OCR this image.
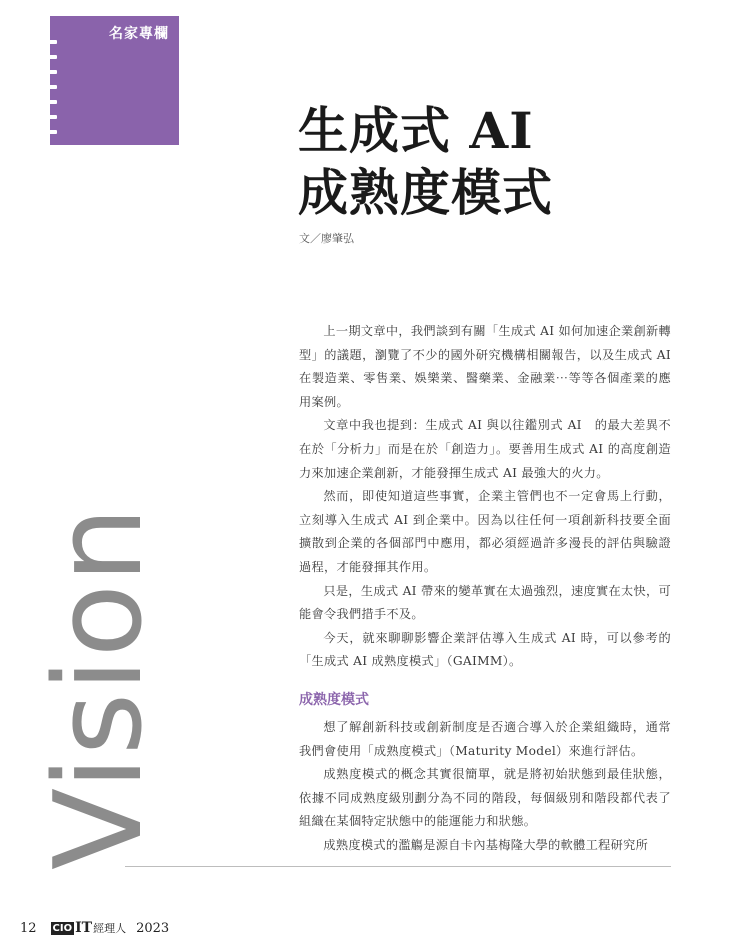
名家專欄
生成式 AI
成熟度模式
文／廖肇弘
Vision

上一期文章中，我們談到有關「生成式 AI 如何加速企業創新轉型」的議題，瀏覽了不少的國外研究機構相關報告，以及生成式 AI 在製造業、零售業、娛樂業、醫藥業、金融業⋯等等各個產業的應用案例。

文章中我也提到：生成式 AI 與以往鑑別式 AI　的最大差異不在於「分析力」而是在於「創造力」。要善用生成式 AI 的高度創造力來加速企業創新，才能發揮生成式 AI 最強大的火力。

然而，即使知道這些事實，企業主管們也不一定會馬上行動，立刻導入生成式 AI 到企業中。因為以往任何一項創新科技要全面擴散到企業的各個部門中應用，都必須經過許多漫長的評估與驗證過程，才能發揮其作用。

只是，生成式 AI 帶來的變革實在太過強烈，速度實在太快，可能會令我們措手不及。

今天，就來聊聊影響企業評估導入生成式 AI 時，可以參考的「生成式 AI 成熟度模式」（GAIMM）。

成熟度模式

想了解創新科技或創新制度是否適合導入於企業組織時，通常我們會使用「成熟度模式」（Maturity Model）來進行評估。

成熟度模式的概念其實很簡單，就是將初始狀態到最佳狀態，依據不同成熟度級別劃分為不同的階段，每個級別和階段都代表了組織在某個特定狀態中的能運能力和狀態。

成熟度模式的濫觴是源自卡內基梅隆大學的軟體工程研究所

12 CIO IT 經理人 2023
